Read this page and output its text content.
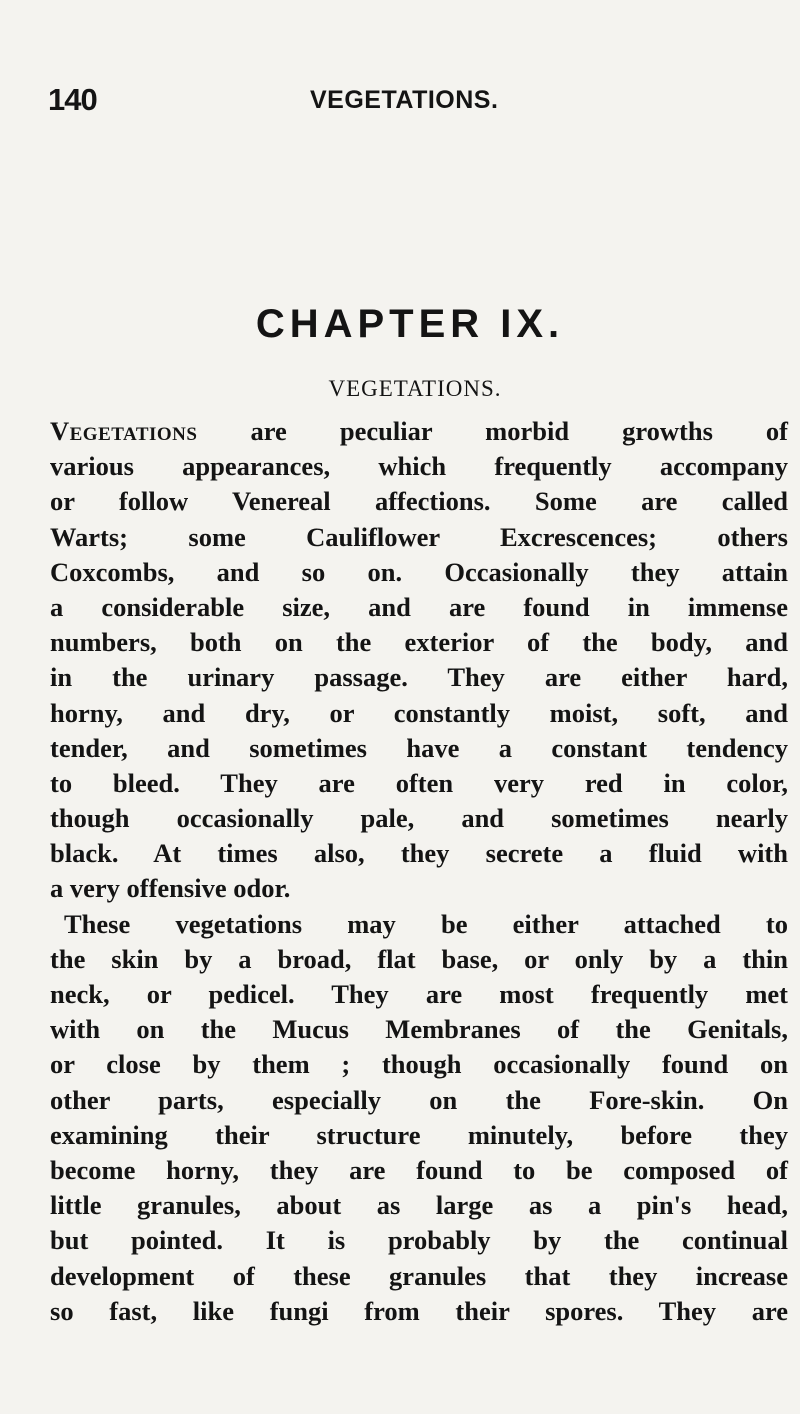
140	VEGETATIONS.
CHAPTER IX.
VEGETATIONS.
Vegetations are peculiar morbid growths of
various appearances, which frequently accompany
or follow Venereal affections. Some are called
Warts; some Cauliflower Excrescences; others
Coxcombs, and so on. Occasionally they attain
a considerable size, and are found in immense
numbers, both on the exterior of the body, and
in the urinary passage. They are either hard,
horny, and dry, or constantly moist, soft, and
tender, and sometimes have a constant tendency
to bleed. They are often very red in color,
though occasionally pale, and sometimes nearly
black. At times also, they secrete a fluid with
a very offensive odor.
These vegetations may be either attached to
the skin by a broad, flat base, or only by a thin
neck, or pedicel. They are most frequently met
with on the Mucus Membranes of the Genitals,
or close by them ; though occasionally found on
other parts, especially on the Fore-skin. On
examining their structure minutely, before they
become horny, they are found to be composed of
little granules, about as large as a pin's head,
but pointed. It is probably by the continual
development of these granules that they increase
so fast, like fungi from their spores. They are
